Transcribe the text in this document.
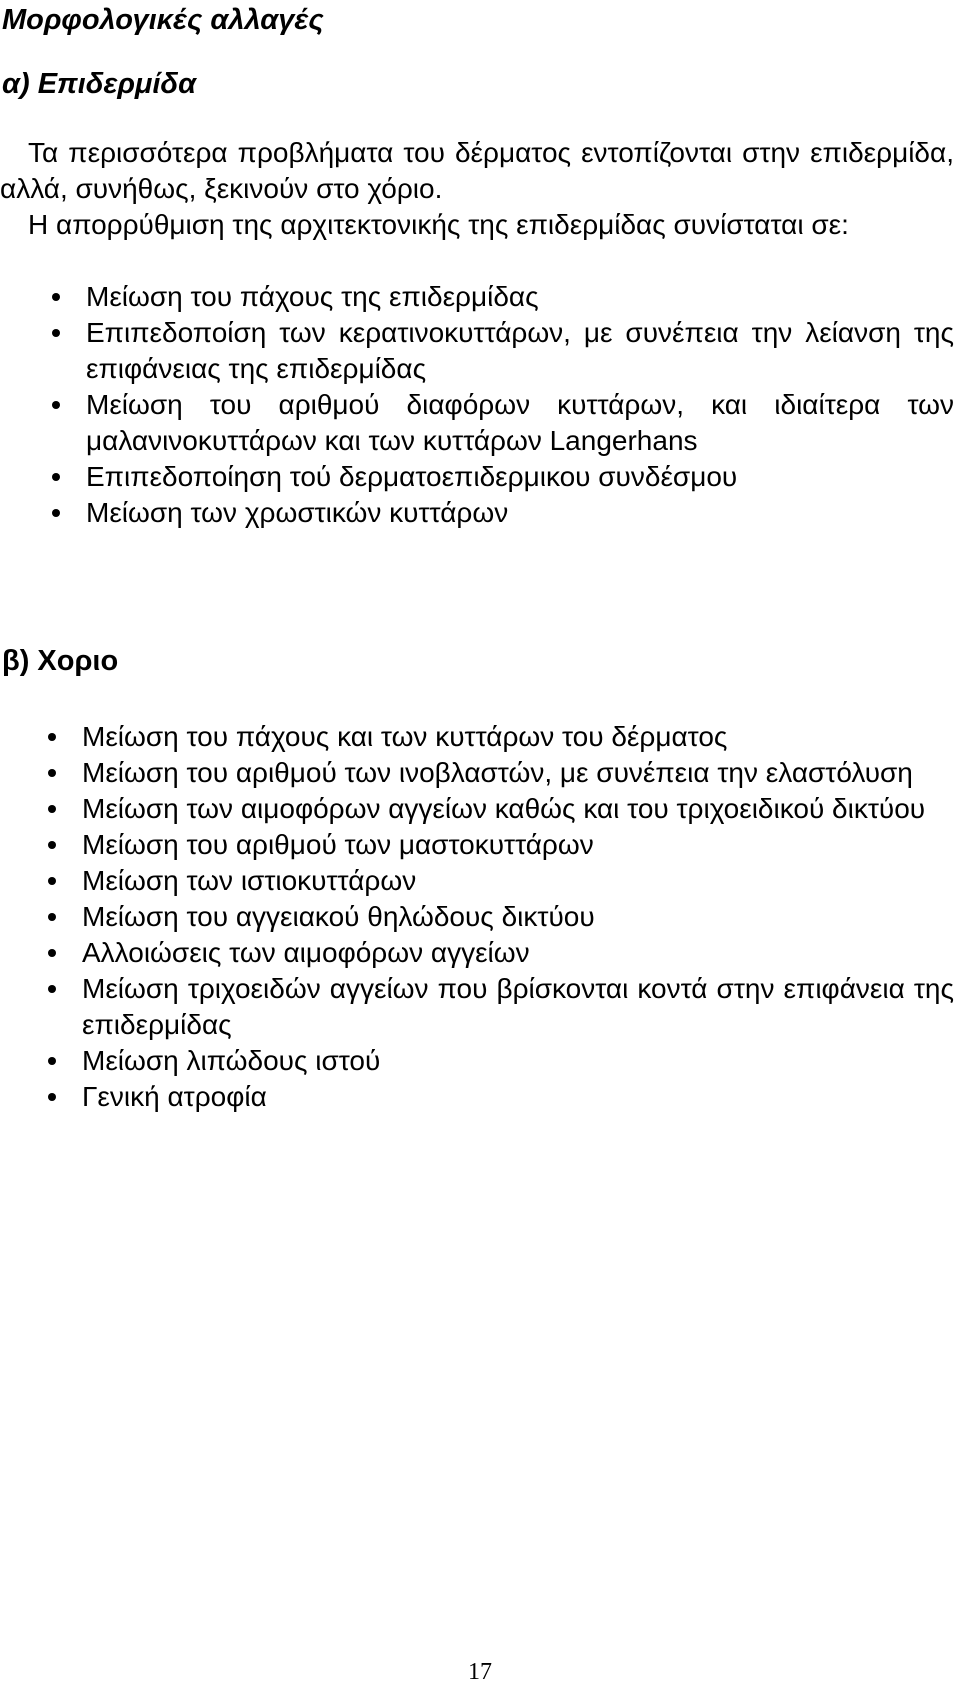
Μορφολογικές αλλαγές
α) Επιδερμίδα
Τα περισσότερα προβλήματα του δέρματος εντοπίζονται στην επιδερμίδα, αλλά, συνήθως, ξεκινούν στο χόριο.
Η απορρύθμιση της αρχιτεκτονικής της επιδερμίδας συνίσταται σε:
Μείωση του πάχους της επιδερμίδας
Επιπεδοποίση των κερατινοκυττάρων, με συνέπεια την λείανση της επιφάνειας της επιδερμίδας
Μείωση του αριθμού διαφόρων κυττάρων, και ιδιαίτερα των μαλανινοκυττάρων και των κυττάρων Langerhans
Επιπεδοποίηση τού δερματοεπιδερμικου συνδέσμου
Μείωση των χρωστικών κυττάρων
β) Χοριο
Μείωση του πάχους και των κυττάρων του δέρματος
Μείωση του αριθμού των ινοβλαστών, με συνέπεια την ελαστόλυση
Μείωση των αιμοφόρων αγγείων καθώς και του τριχοειδικού δικτύου
Μείωση του αριθμού των μαστοκυττάρων
Μείωση των ιστιοκυττάρων
Μείωση του αγγειακού θηλώδους δικτύου
Αλλοιώσεις των αιμοφόρων αγγείων
Μείωση τριχοειδών αγγείων που βρίσκονται κοντά στην επιφάνεια της επιδερμίδας
Μείωση λιπώδους ιστού
Γενική ατροφία
17
